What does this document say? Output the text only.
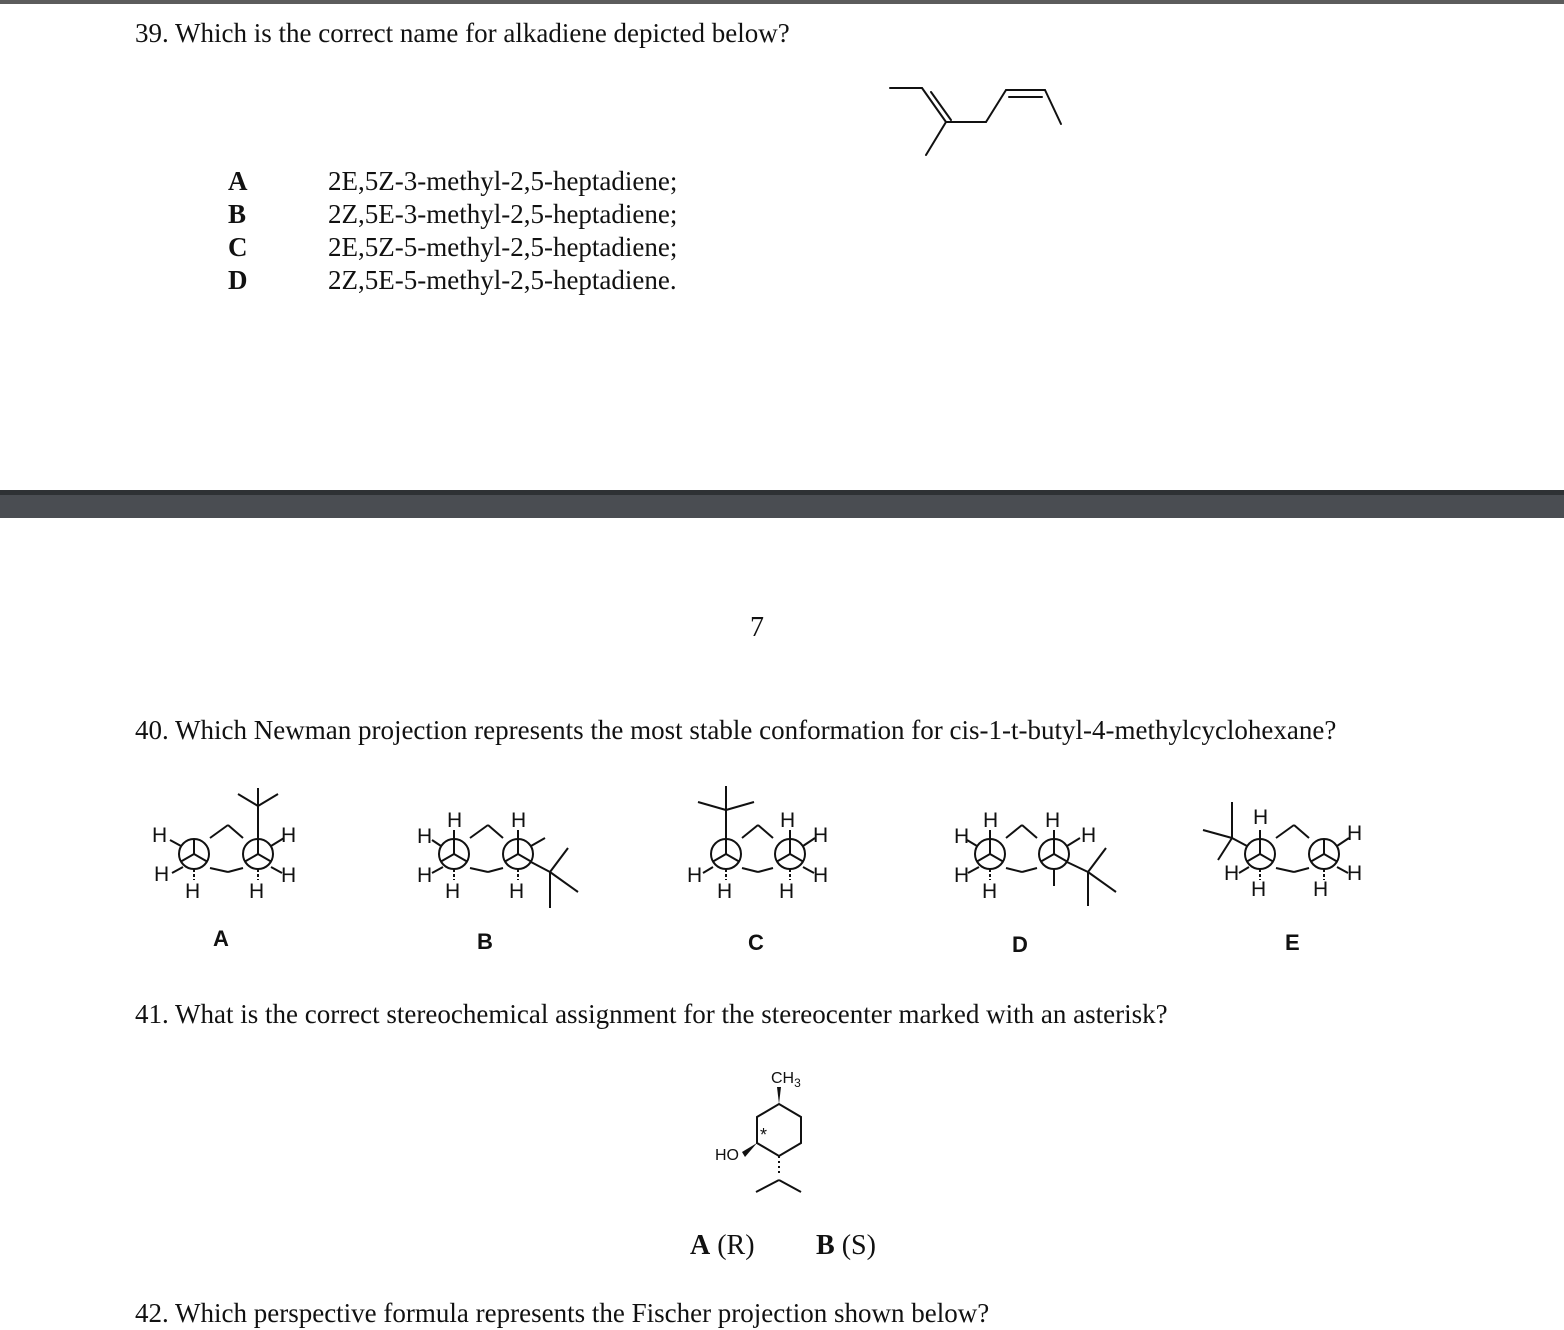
39. Which is the correct name for alkadiene depicted below?
A	2E,5Z-3-methyl-2,5-heptadiene;
B	2Z,5E-3-methyl-2,5-heptadiene;
C	2E,5Z-5-methyl-2,5-heptadiene;
D	2Z,5E-5-methyl-2,5-heptadiene.
7
40. Which Newman projection represents the most stable conformation for cis-1-t-butyl-4-methylcyclohexane?
H	H
H	H
H H
H
H H
H
H H
H
H
H
H
H H
H
H H
H
H
H
H
H
H
H
H H
A	B	C	D	E
41. What is the correct stereochemical assignment for the stereocenter marked with an asterisk?
$CH_3$
HO
*
A (R) B (S)
42. Which perspective formula represents the Fischer projection shown below?
